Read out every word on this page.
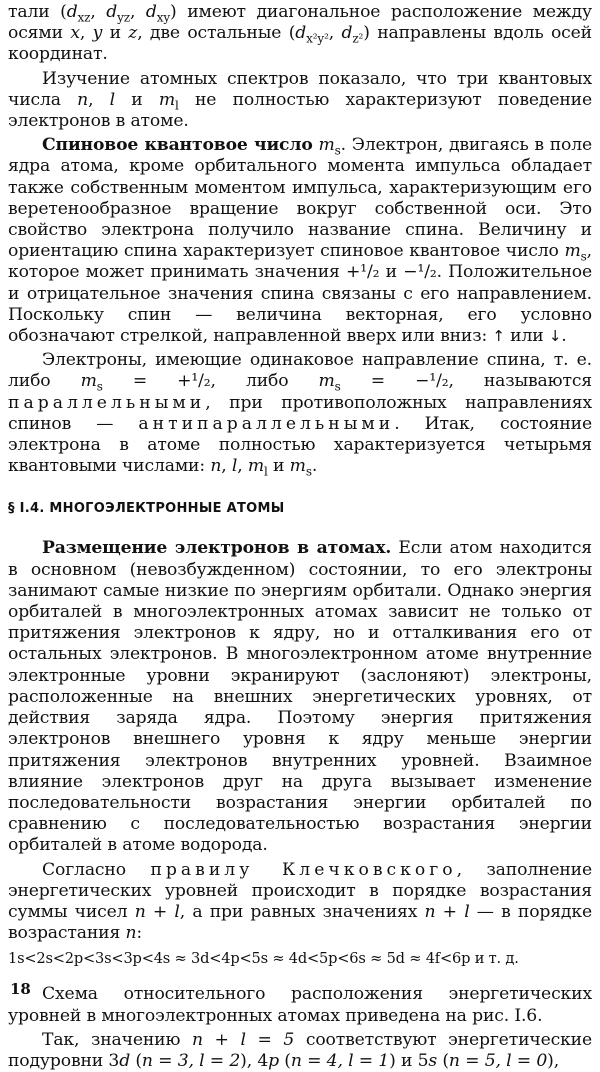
тали ($d_{xz}$, $d_{yz}$, $d_{xy}$) имеют диагональное расположение между осями x, y и z, две остальные ($d_{x^2y^2}$, $d_{z^2}$) направлены вдоль осей координат.

Изучение атомных спектров показало, что три квантовых числа n, l и $m_l$ не полностью характеризуют поведение электронов в атоме.

Спиновое квантовое число $m_s$. Электрон, двигаясь в поле ядра атома, кроме орбитального момента импульса обладает также собственным моментом импульса, характеризующим его веретенообразное вращение вокруг собственной оси. Это свойство электрона получило название спина. Величину и ориентацию спина характеризует спиновое квантовое число $m_s$, которое может принимать значения +¹/₂ и −¹/₂. Положительное и отрицательное значения спина связаны с его направлением. Поскольку спин — величина векторная, его условно обозначают стрелкой, направленной вверх или вниз: ↑ или ↓.

Электроны, имеющие одинаковое направление спина, т. е. либо $m_s = +^1/_2$, либо $m_s = -^1/_2$, называются параллельными, при противоположных направлениях спинов — антипараллельными. Итак, состояние электрона в атоме полностью характеризуется четырьмя квантовыми числами: n, l, $m_l$ и $m_s$.

§ I.4. МНОГОЭЛЕКТРОННЫЕ АТОМЫ

Размещение электронов в атомах. Если атом находится в основном (невозбужденном) состоянии, то его электроны занимают самые низкие по энергиям орбитали. Однако энергия орбиталей в многоэлектронных атомах зависит не только от притяжения электронов к ядру, но и отталкивания его от остальных электронов. В многоэлектронном атоме внутренние электронные уровни экранируют (заслоняют) электроны, расположенные на внешних энергетических уровнях, от действия заряда ядра. Поэтому энергия притяжения электронов внешнего уровня к ядру меньше энергии притяжения электронов внутренних уровней. Взаимное влияние электронов друг на друга вызывает изменение последовательности возрастания энергии орбиталей по сравнению с последовательностью возрастания энергии орбиталей в атоме водорода.

Согласно правилу Клечковского, заполнение энергетических уровней происходит в порядке возрастания суммы чисел n + l, а при равных значениях n + l — в порядке возрастания n:

1s<2s<2p<3s<3p<4s ≈ 3d<4p<5s ≈ 4d<5p<6s ≈ 5d ≈ 4f<6p и т. д.

Схема относительного расположения энергетических уровней в многоэлектронных атомах приведена на рис. I.6.

Так, значению n + l = 5 соответствуют энергетические подуровни 3d (n = 3, l = 2), 4p (n = 4, l = 1) и 5s (n = 5, l = 0),

18
